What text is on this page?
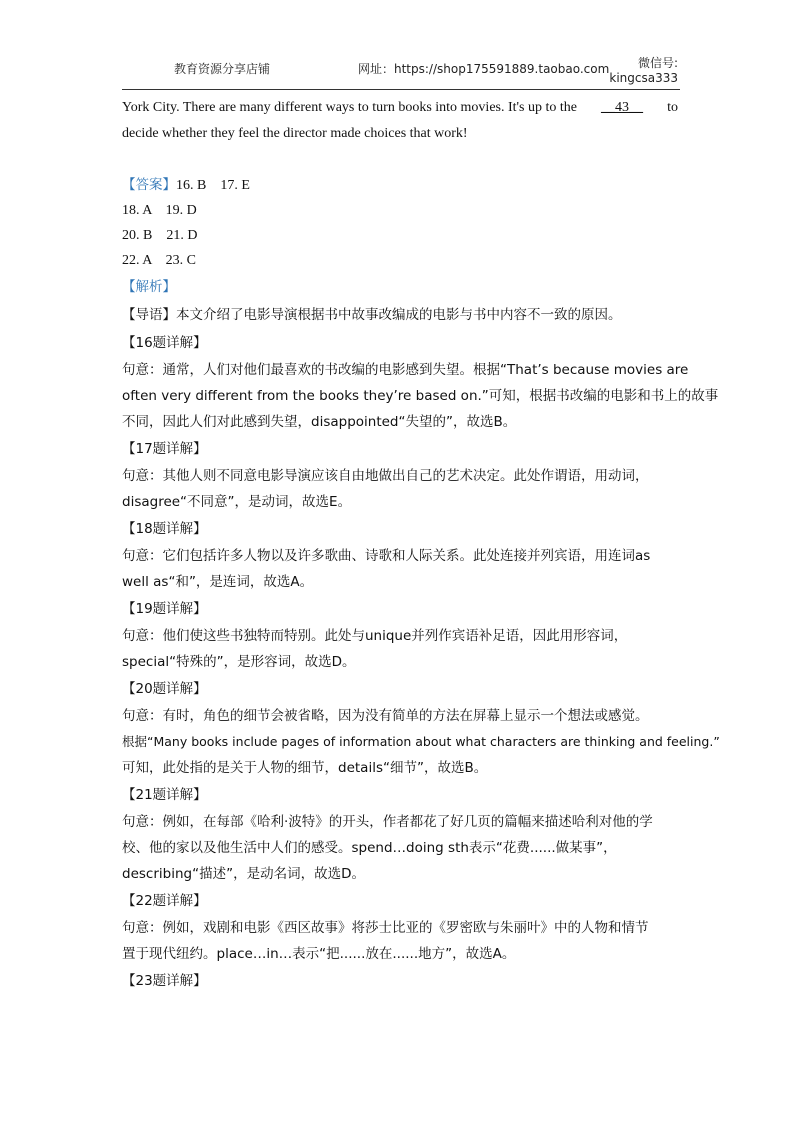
教育资源分享店铺	网址：https://shop175591889.taobao.com	微信号:
kingcsa333
York City. There are many different ways to turn books into movies. It's up to the __43__ to
decide whether they feel the director made choices that work!
【答案】16. B    17. E
18. A    19. D
20. B    21. D
22. A    23. C
【解析】
【导语】本文介绍了电影导演根据书中故事改编成的电影与书中内容不一致的原因。
【16题详解】
句意：通常，人们对他们最喜欢的书改编的电影感到失望。根据“That’s because movies are
often very different from the books they’re based on.”可知，根据书改编的电影和书上的故事
不同，因此人们对此感到失望，disappointed“失望的”，故选B。
【17题详解】
句意：其他人则不同意电影导演应该自由地做出自己的艺术决定。此处作谓语，用动词，
disagree“不同意”，是动词，故选E。
【18题详解】
句意：它们包括许多人物以及许多歌曲、诗歌和人际关系。此处连接并列宾语，用连词as
well as“和”，是连词，故选A。
【19题详解】
句意：他们使这些书独特而特别。此处与unique并列作宾语补足语，因此用形容词，
special“特殊的”，是形容词，故选D。
【20题详解】
句意：有时，角色的细节会被省略，因为没有简单的方法在屏幕上显示一个想法或感觉。
根据“Many books include pages of information about what characters are thinking and feeling.”
可知，此处指的是关于人物的细节，details“细节”，故选B。
【21题详解】
句意：例如，在每部《哈利·波特》的开头，作者都花了好几页的篇幅来描述哈利对他的学
校、他的家以及他生活中人们的感受。spend…doing sth表示“花费......做某事”，
describing“描述”，是动名词，故选D。
【22题详解】
句意：例如，戏剧和电影《西区故事》将莎士比亚的《罗密欧与朱丽叶》中的人物和情节
置于现代纽约。place…in…表示“把......放在......地方”，故选A。
【23题详解】
